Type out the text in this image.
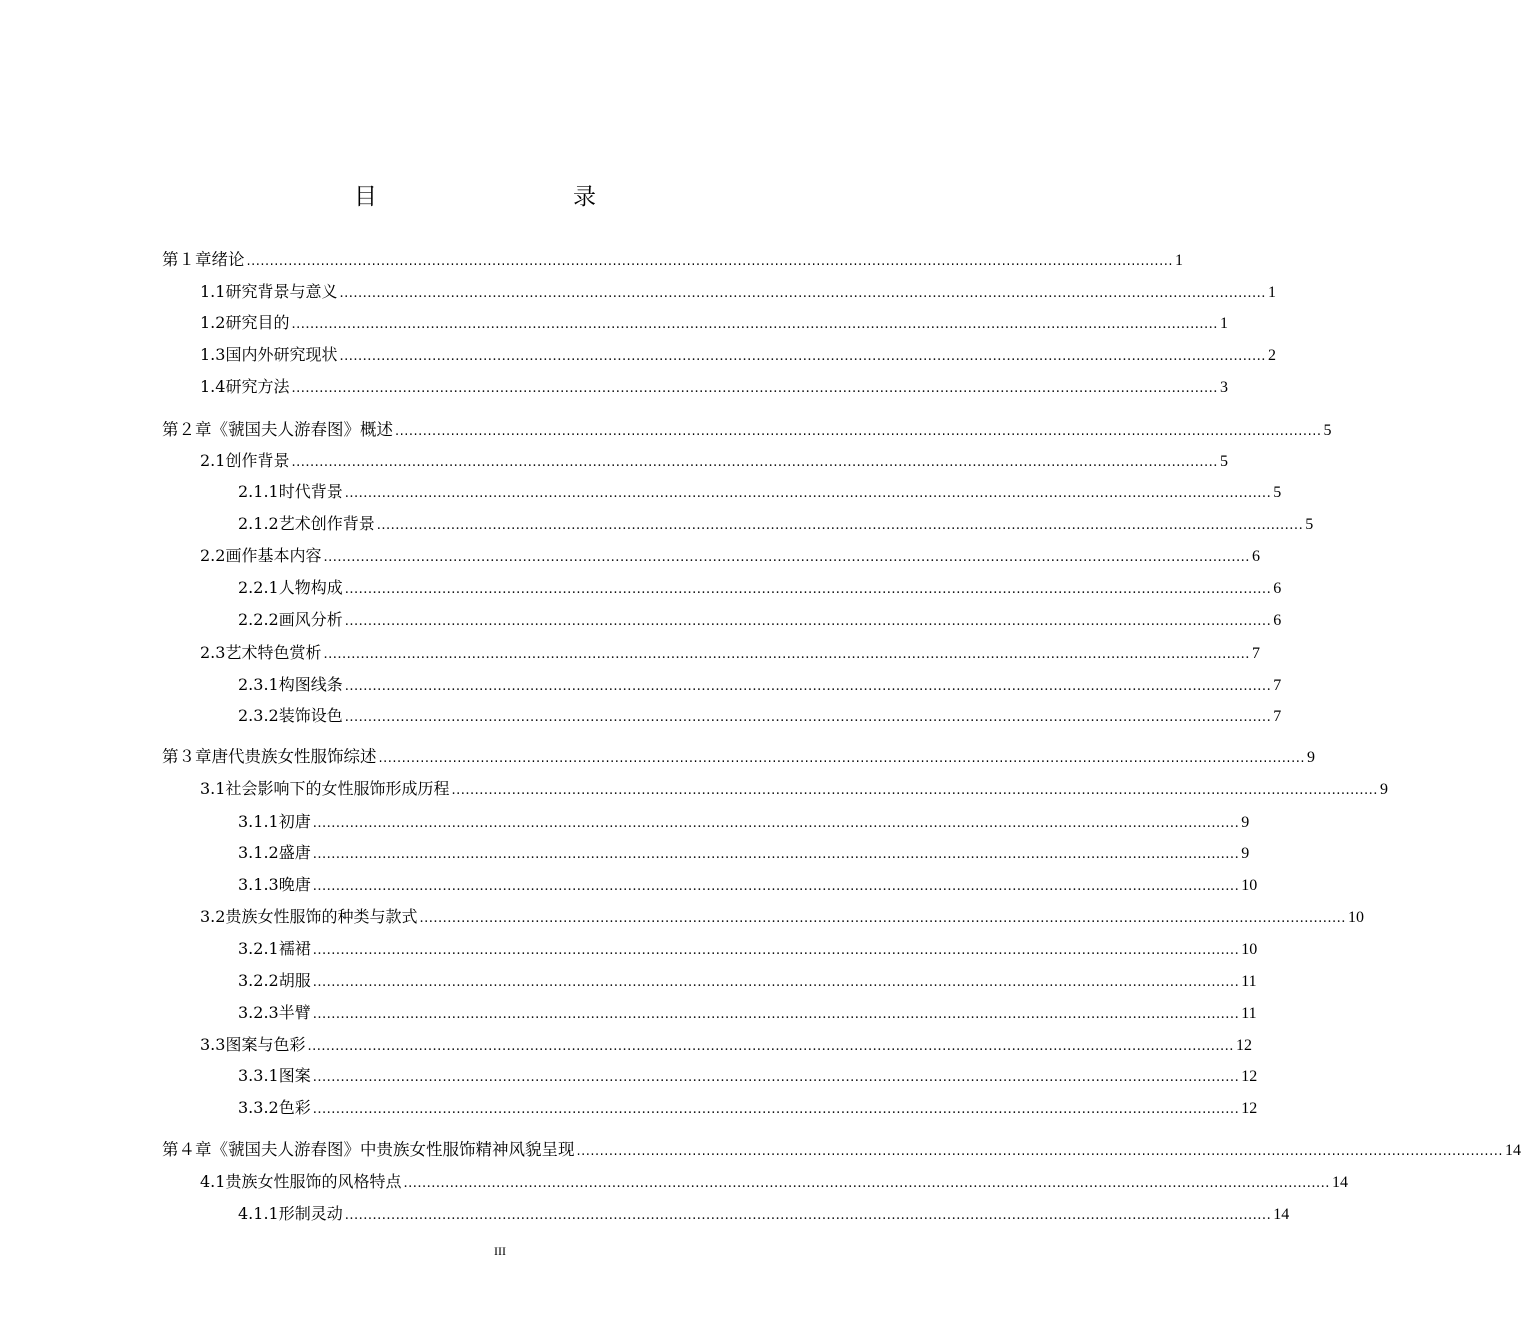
目　　录
第１章 绪论 ........................................................................................................................................................................................................ 1
1.1 研究背景与意义 ........................................................................................................................................................................................................ 1
1.2 研究目的 ........................................................................................................................................................................................................ 1
1.3 国内外研究现状 ........................................................................................................................................................................................................ 2
1.4 研究方法 ........................................................................................................................................................................................................ 3
第２章 《虢国夫人游春图》概述 ........................................................................................................................................................................................................ 5
2.1 创作背景 ........................................................................................................................................................................................................ 5
2.1.1 时代背景 ........................................................................................................................................................................................................ 5
2.1.2 艺术创作背景 ........................................................................................................................................................................................................ 5
2.2 画作基本内容 ........................................................................................................................................................................................................ 6
2.2.1 人物构成 ........................................................................................................................................................................................................ 6
2.2.2 画风分析 ........................................................................................................................................................................................................ 6
2.3 艺术特色赏析 ........................................................................................................................................................................................................ 7
2.3.1 构图线条 ........................................................................................................................................................................................................ 7
2.3.2 装饰设色 ........................................................................................................................................................................................................ 7
第３章 唐代贵族女性服饰综述 ........................................................................................................................................................................................................ 9
3.1 社会影响下的女性服饰形成历程 ........................................................................................................................................................................................................ 9
3.1.1 初唐 ........................................................................................................................................................................................................ 9
3.1.2 盛唐 ........................................................................................................................................................................................................ 9
3.1.3 晚唐 ........................................................................................................................................................................................................ 10
3.2 贵族女性服饰的种类与款式 ........................................................................................................................................................................................................ 10
3.2.1 襦裙 ........................................................................................................................................................................................................ 10
3.2.2 胡服 ........................................................................................................................................................................................................ 11
3.2.3 半臂 ........................................................................................................................................................................................................ 11
3.3 图案与色彩 ........................................................................................................................................................................................................ 12
3.3.1 图案 ........................................................................................................................................................................................................ 12
3.3.2 色彩 ........................................................................................................................................................................................................ 12
第４章 《虢国夫人游春图》中贵族女性服饰精神风貌呈现 ........................................................................................................................................................................................................ 14
4.1 贵族女性服饰的风格特点 ........................................................................................................................................................................................................ 14
4.1.1 形制灵动 ........................................................................................................................................................................................................ 14
III
